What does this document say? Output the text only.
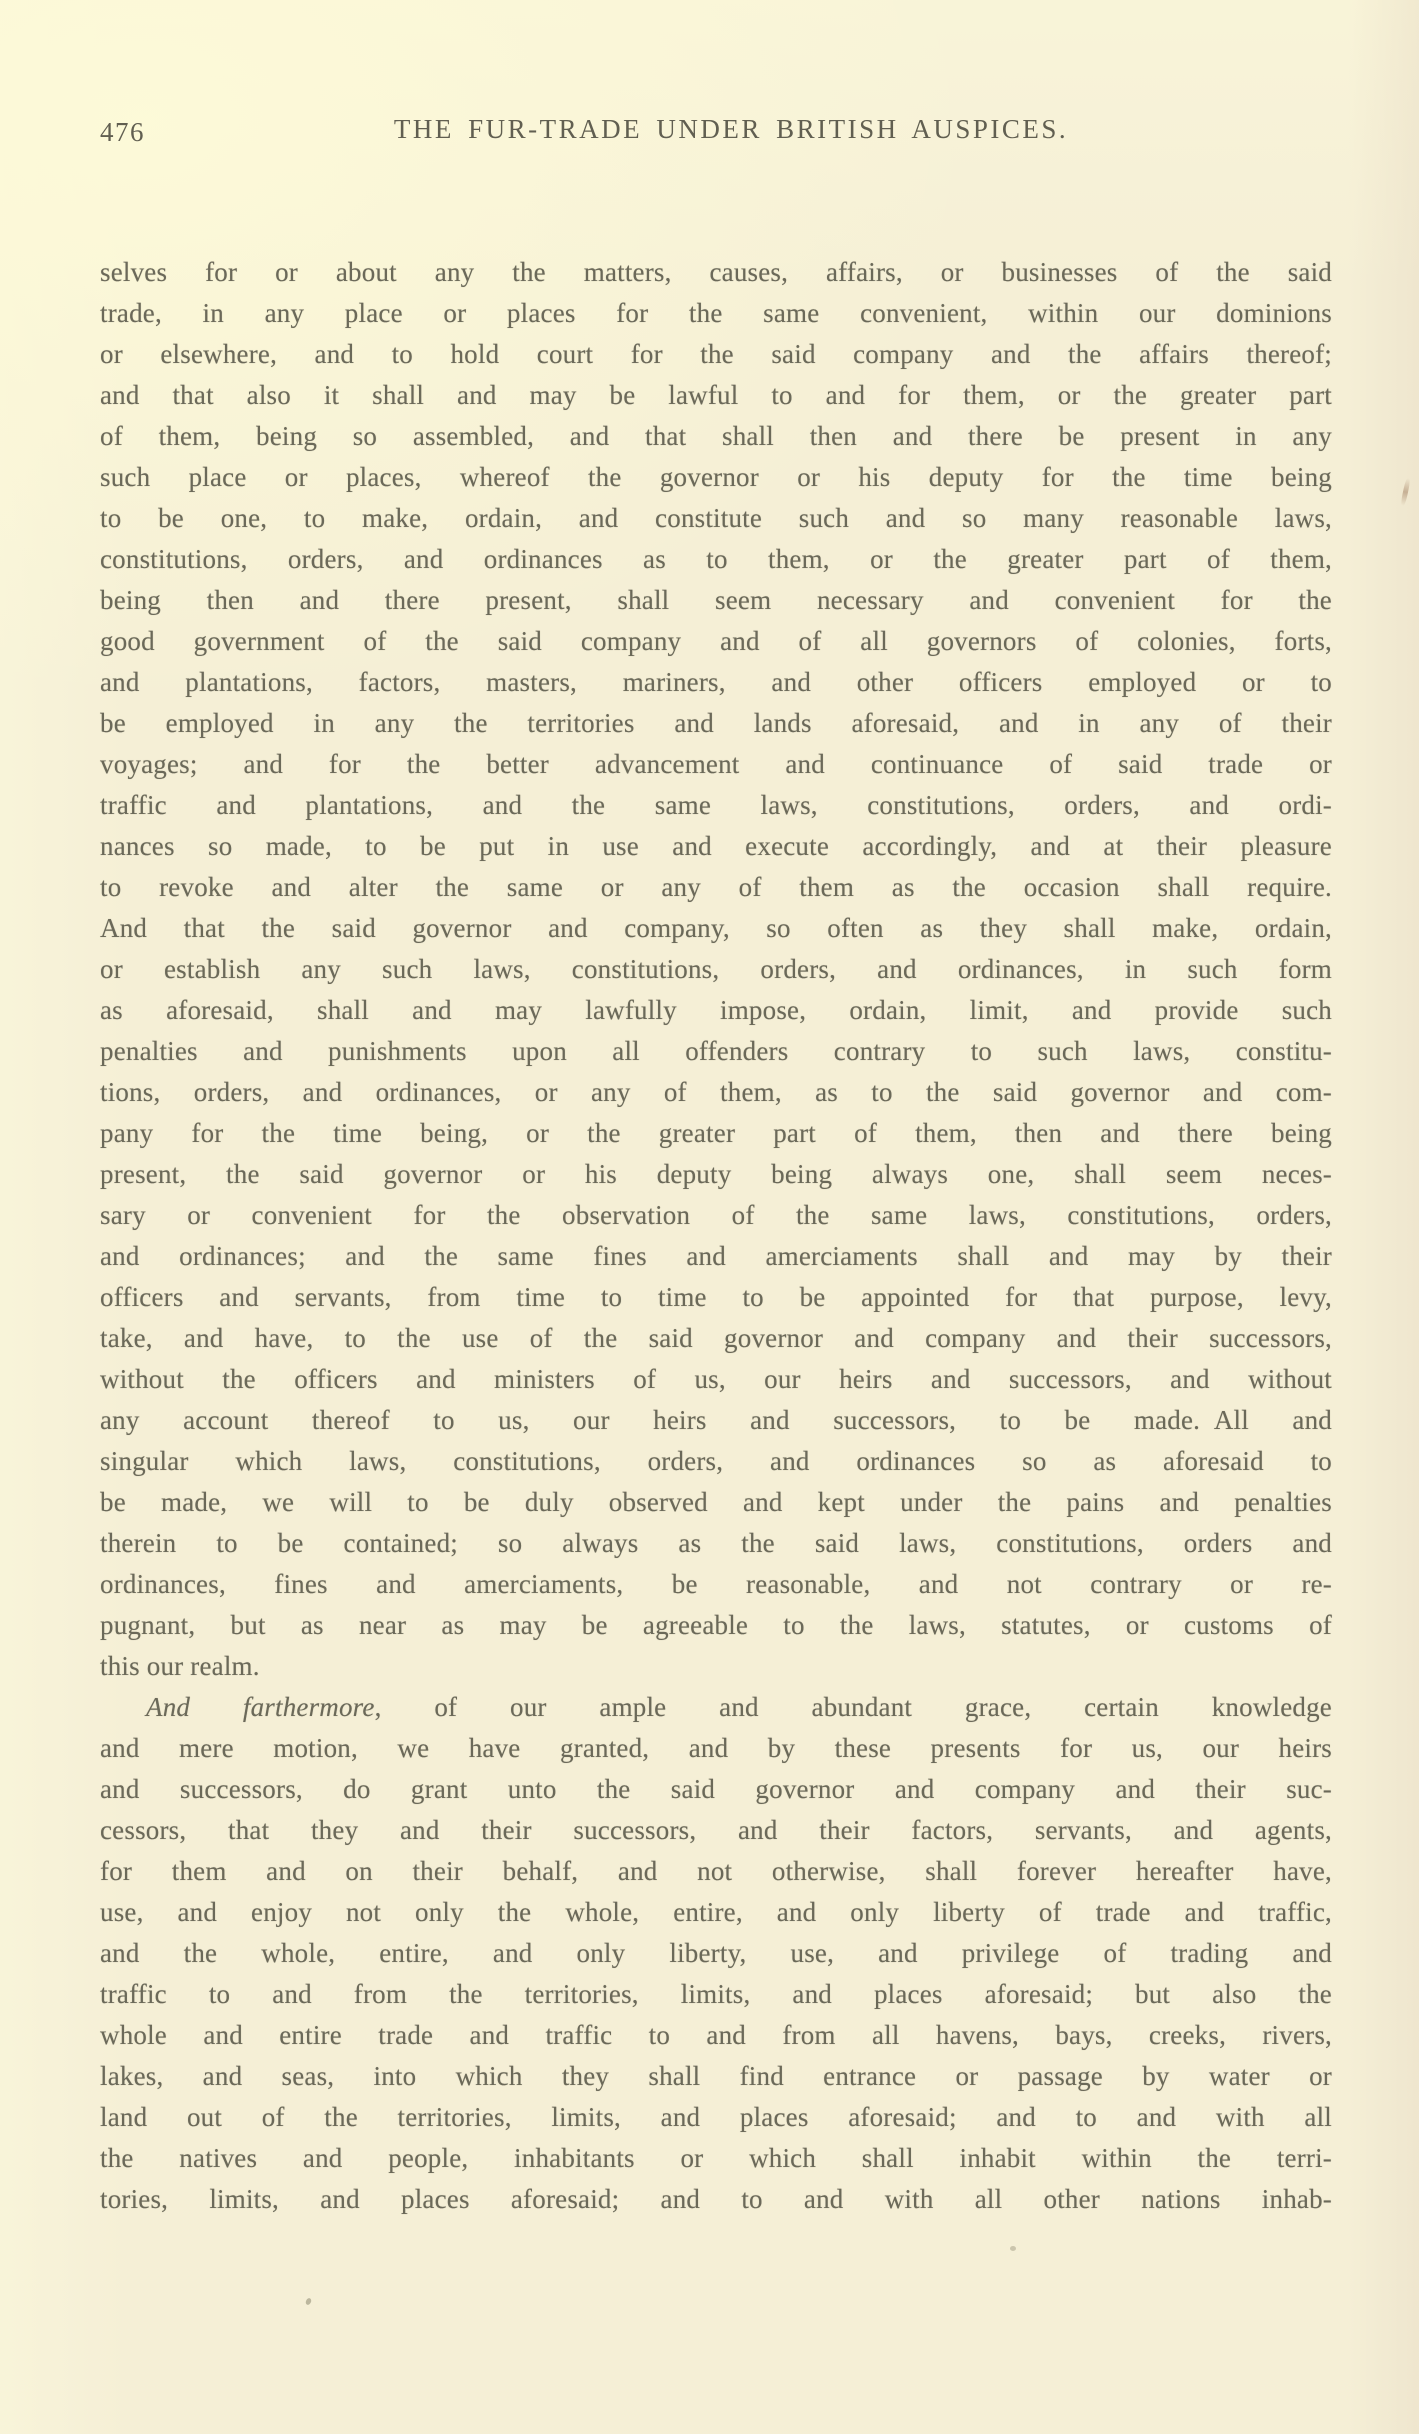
476	THE FUR-TRADE UNDER BRITISH AUSPICES.
selves for or about any the matters, causes, affairs, or businesses of the said
trade, in any place or places for the same convenient, within our dominions
or elsewhere, and to hold court for the said company and the affairs thereof;
and that also it shall and may be lawful to and for them, or the greater part
of them, being so assembled, and that shall then and there be present in any
such place or places, whereof the governor or his deputy for the time being
to be one, to make, ordain, and constitute such and so many reasonable laws,
constitutions, orders, and ordinances as to them, or the greater part of them,
being then and there present, shall seem necessary and convenient for the
good government of the said company and of all governors of colonies, forts,
and plantations, factors, masters, mariners, and other officers employed or to
be employed in any the territories and lands aforesaid, and in any of their
voyages; and for the better advancement and continuance of said trade or
traffic and plantations, and the same laws, constitutions, orders, and ordi-
nances so made, to be put in use and execute accordingly, and at their pleasure
to revoke and alter the same or any of them as the occasion shall require.
And that the said governor and company, so often as they shall make, ordain,
or establish any such laws, constitutions, orders, and ordinances, in such form
as aforesaid, shall and may lawfully impose, ordain, limit, and provide such
penalties and punishments upon all offenders contrary to such laws, constitu-
tions, orders, and ordinances, or any of them, as to the said governor and com-
pany for the time being, or the greater part of them, then and there being
present, the said governor or his deputy being always one, shall seem neces-
sary or convenient for the observation of the same laws, constitutions, orders,
and ordinances; and the same fines and amerciaments shall and may by their
officers and servants, from time to time to be appointed for that purpose, levy,
take, and have, to the use of the said governor and company and their successors,
without the officers and ministers of us, our heirs and successors, and without
any account thereof to us, our heirs and successors, to be made. All and
singular which laws, constitutions, orders, and ordinances so as aforesaid to
be made, we will to be duly observed and kept under the pains and penalties
therein to be contained; so always as the said laws, constitutions, orders and
ordinances, fines and amerciaments, be reasonable, and not contrary or re-
pugnant, but as near as may be agreeable to the laws, statutes, or customs of
this our realm.
And farthermore, of our ample and abundant grace, certain knowledge
and mere motion, we have granted, and by these presents for us, our heirs
and successors, do grant unto the said governor and company and their suc-
cessors, that they and their successors, and their factors, servants, and agents,
for them and on their behalf, and not otherwise, shall forever hereafter have,
use, and enjoy not only the whole, entire, and only liberty of trade and traffic,
and the whole, entire, and only liberty, use, and privilege of trading and
traffic to and from the territories, limits, and places aforesaid; but also the
whole and entire trade and traffic to and from all havens, bays, creeks, rivers,
lakes, and seas, into which they shall find entrance or passage by water or
land out of the territories, limits, and places aforesaid; and to and with all
the natives and people, inhabitants or which shall inhabit within the terri-
tories, limits, and places aforesaid; and to and with all other nations inhab-
